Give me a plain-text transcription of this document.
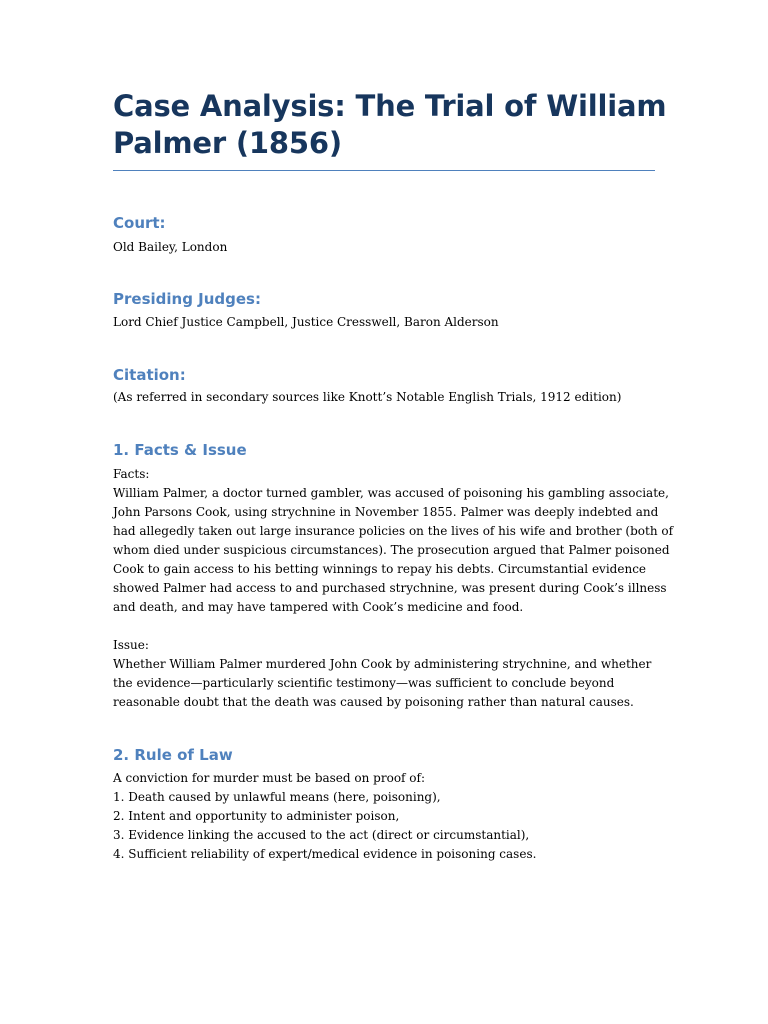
Case Analysis: The Trial of William
Palmer (1856)
Court:

Old Bailey, London

Presiding Judges:

Lord Chief Justice Campbell, Justice Cresswell, Baron Alderson

Citation:

(As referred in secondary sources like Knott’s Notable English Trials, 1912 edition)

1. Facts & Issue
Facts:
William Palmer, a doctor turned gambler, was accused of poisoning his gambling associate,
John Parsons Cook, using strychnine in November 1855. Palmer was deeply indebted and
had allegedly taken out large insurance policies on the lives of his wife and brother (both of
whom died under suspicious circumstances). The prosecution argued that Palmer poisoned
Cook to gain access to his betting winnings to repay his debts. Circumstantial evidence
showed Palmer had access to and purchased strychnine, was present during Cook’s illness
and death, and may have tampered with Cook’s medicine and food.
Issue:
Whether William Palmer murdered John Cook by administering strychnine, and whether
the evidence—particularly scientific testimony—was sufficient to conclude beyond
reasonable doubt that the death was caused by poisoning rather than natural causes.
2. Rule of Law
A conviction for murder must be based on proof of:
1. Death caused by unlawful means (here, poisoning),
2. Intent and opportunity to administer poison,
3. Evidence linking the accused to the act (direct or circumstantial),
4. Sufficient reliability of expert/medical evidence in poisoning cases.
